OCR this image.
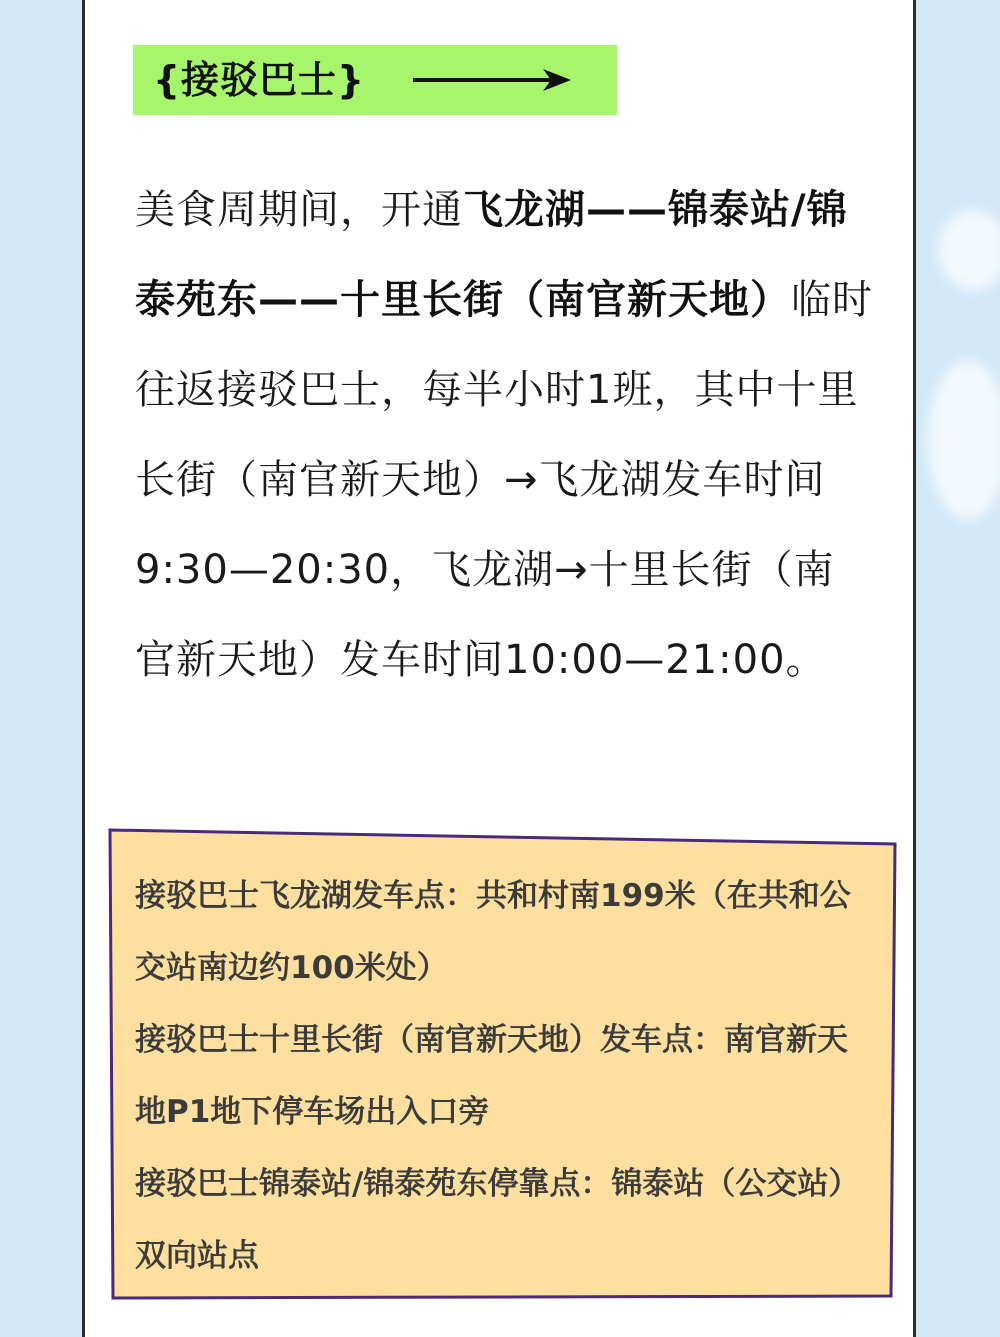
{接驳巴士}
美食周期间，开通飞龙湖——锦泰站/锦泰苑东——十里长街（南官新天地）临时往返接驳巴士，每半小时1班，其中十里长街（南官新天地）→飞龙湖发车时间9:30—20:30，飞龙湖→十里长街（南官新天地）发车时间10:00—21:00。
接驳巴士飞龙湖发车点：共和村南199米（在共和公交站南边约100米处）
接驳巴士十里长街（南官新天地）发车点：南官新天地P1地下停车场出入口旁
接驳巴士锦泰站/锦泰苑东停靠点：锦泰站（公交站）双向站点
